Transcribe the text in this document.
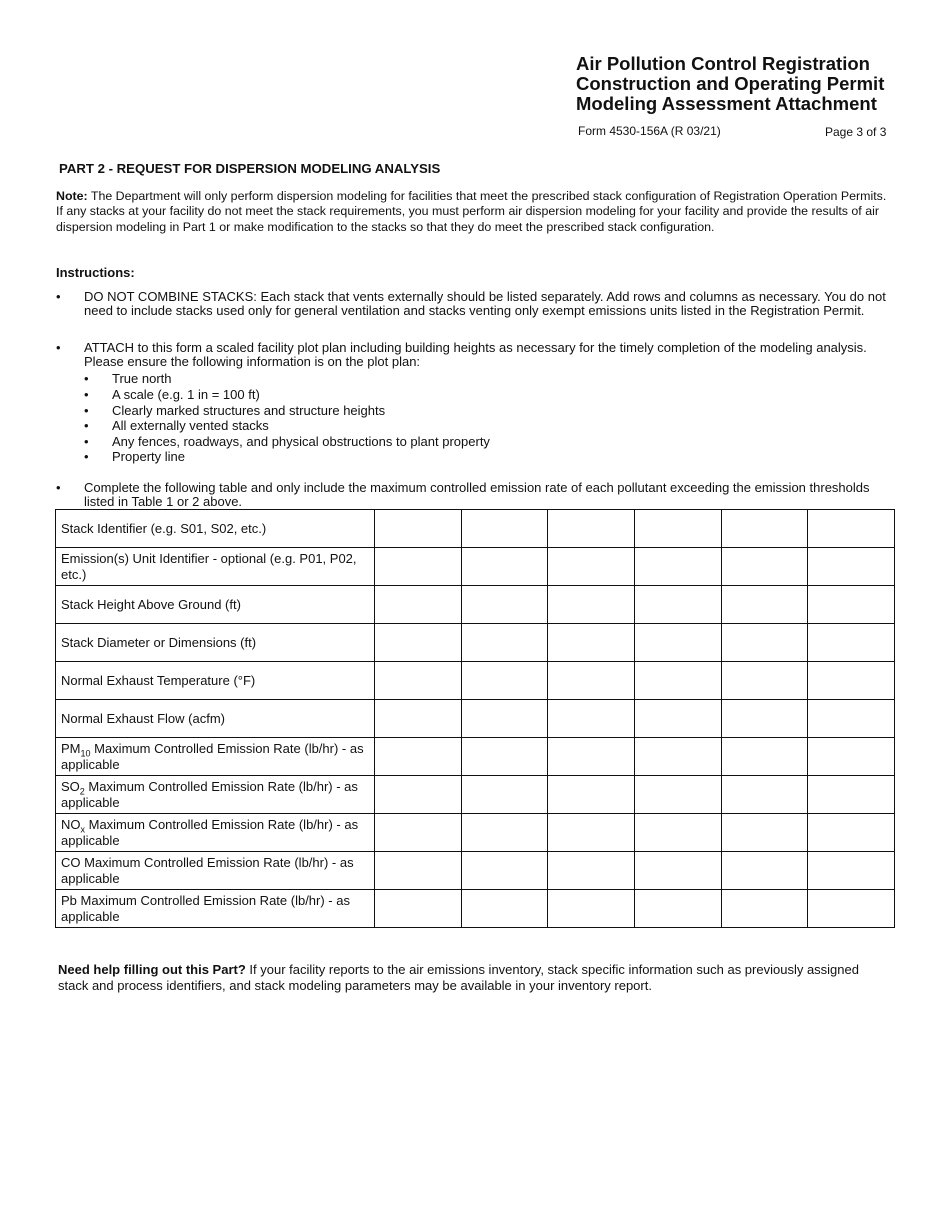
Air Pollution Control Registration
Construction and Operating Permit
Modeling Assessment Attachment
Form 4530-156A (R 03/21)	Page 3 of 3
PART 2 - REQUEST FOR DISPERSION MODELING ANALYSIS
Note: The Department will only perform dispersion modeling for facilities that meet the prescribed stack configuration of Registration Operation Permits. If any stacks at your facility do not meet the stack requirements, you must perform air dispersion modeling for your facility and provide the results of air dispersion modeling in Part 1 or make modification to the stacks so that they do meet the prescribed stack configuration.
Instructions:
• DO NOT COMBINE STACKS: Each stack that vents externally should be listed separately. Add rows and columns as necessary. You do not need to include stacks used only for general ventilation and stacks venting only exempt emissions units listed in the Registration Permit.
• ATTACH to this form a scaled facility plot plan including building heights as necessary for the timely completion of the modeling analysis. Please ensure the following information is on the plot plan:
• True north
• A scale (e.g. 1 in = 100 ft)
• Clearly marked structures and structure heights
• All externally vented stacks
• Any fences, roadways, and physical obstructions to plant property
• Property line
• Complete the following table and only include the maximum controlled emission rate of each pollutant exceeding the emission thresholds listed in Table 1 or 2 above.
Stack Identifier (e.g. S01, S02, etc.)						
Emission(s) Unit Identifier - optional (e.g. P01, P02, etc.)						
Stack Height Above Ground (ft)						
Stack Diameter or Dimensions (ft)						
Normal Exhaust Temperature (°F)						
Normal Exhaust Flow (acfm)						
$PM_{10}$ Maximum Controlled Emission Rate (lb/hr) - as applicable						
$SO_2$ Maximum Controlled Emission Rate (lb/hr) - as applicable						
$NO_x$ Maximum Controlled Emission Rate (lb/hr) - as applicable						
CO Maximum Controlled Emission Rate (lb/hr) - as applicable						
Pb Maximum Controlled Emission Rate (lb/hr) - as applicable						
Need help filling out this Part? If your facility reports to the air emissions inventory, stack specific information such as previously assigned stack and process identifiers, and stack modeling parameters may be available in your inventory report.
